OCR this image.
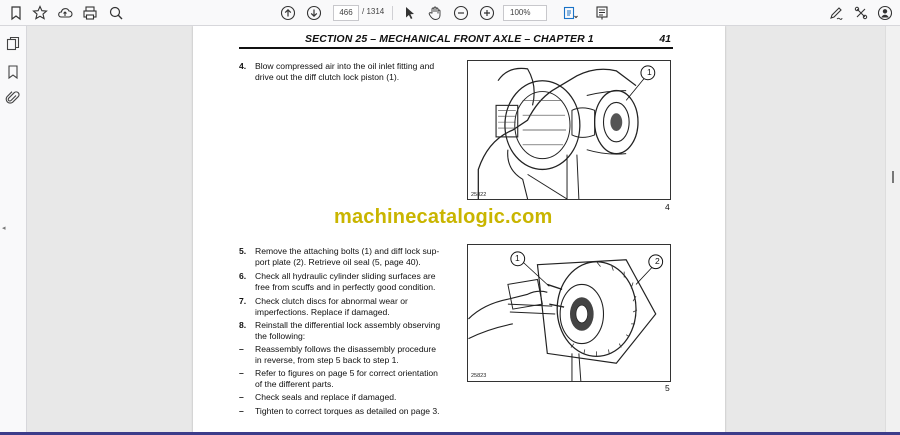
466	/ 1314	100%
◂
SECTION 25 – MECHANICAL FRONT AXLE – CHAPTER 1	41
4. Blow compressed air into the oil inlet fitting and
drive out the diff clutch lock piston (1).	1
25822
4
machinecatalogic.com
5. Remove the attaching bolts (1) and diff lock sup-
port plate (2). Retrieve oil seal (5, page 40).
6. Check all hydraulic cylinder sliding surfaces are
free from scuffs and in perfectly good condition.
7. Check clutch discs for abnormal wear or
imperfections. Replace if damaged.
8. Reinstall the differential lock assembly observing
the following:
– Reassembly follows the disassembly procedure
in reverse, from step 5 back to step 1.
– Refer to figures on page 5 for correct orientation
of the different parts.
– Check seals and replace if damaged.
– Tighten to correct torques as detailed on page 3.
1	2
25823
5
